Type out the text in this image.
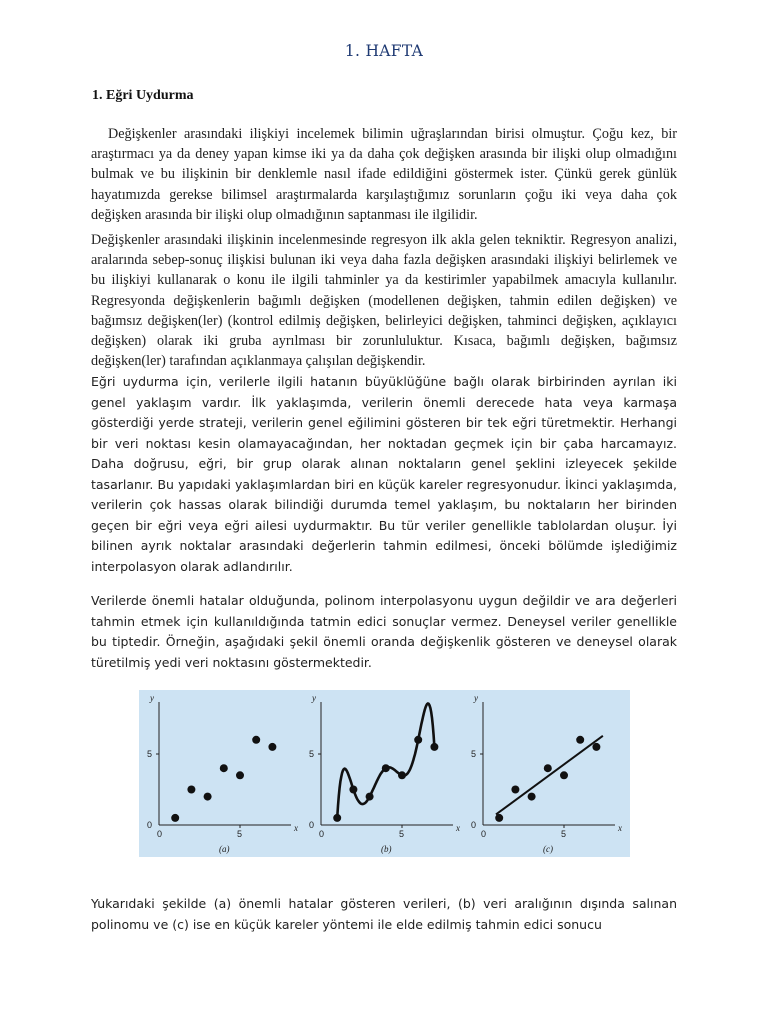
1. HAFTA
1. Eğri Uydurma
Değişkenler arasındaki ilişkiyi incelemek bilimin uğraşlarından birisi olmuştur. Çoğu kez, bir araştırmacı ya da deney yapan kimse iki ya da daha çok değişken arasında bir ilişki olup olmadığını bulmak ve bu ilişkinin bir denklemle nasıl ifade edildiğini göstermek ister. Çünkü gerek günlük hayatımızda gerekse bilimsel araştırmalarda karşılaştığımız sorunların çoğu iki veya daha çok değişken arasında bir ilişki olup olmadığının saptanması ile ilgilidir.
Değişkenler arasındaki ilişkinin incelenmesinde regresyon ilk akla gelen tekniktir. Regresyon analizi, aralarında sebep-sonuç ilişkisi bulunan iki veya daha fazla değişken arasındaki ilişkiyi belirlemek ve bu ilişkiyi kullanarak o konu ile ilgili tahminler ya da kestirimler yapabilmek amacıyla kullanılır. Regresyonda değişkenlerin bağımlı değişken (modellenen değişken, tahmin edilen değişken) ve bağımsız değişken(ler) (kontrol edilmiş değişken, belirleyici değişken, tahminci değişken, açıklayıcı değişken) olarak iki gruba ayrılması bir zorunluluktur. Kısaca, bağımlı değişken, bağımsız değişken(ler) tarafından açıklanmaya çalışılan değişkendir.
Eğri uydurma için, verilerle ilgili hatanın büyüklüğüne bağlı olarak birbirinden ayrılan iki genel yaklaşım vardır. İlk yaklaşımda, verilerin önemli derecede hata veya karmaşa gösterdiği yerde strateji, verilerin genel eğilimini gösteren bir tek eğri türetmektir. Herhangi bir veri noktası kesin olamayacağından, her noktadan geçmek için bir çaba harcamayız. Daha doğrusu, eğri, bir grup olarak alınan noktaların genel şeklini izleyecek şekilde tasarlanır. Bu yapıdaki yaklaşımlardan biri en küçük kareler regresyonudur. İkinci yaklaşımda, verilerin çok hassas olarak bilindiği durumda temel yaklaşım, bu noktaların her birinden geçen bir eğri veya eğri ailesi uydurmaktır. Bu tür veriler genellikle tablolardan oluşur. İyi bilinen ayrık noktalar arasındaki değerlerin tahmin edilmesi, önceki bölümde işlediğimiz interpolasyon olarak adlandırılır.
Verilerde önemli hatalar olduğunda, polinom interpolasyonu uygun değildir ve ara değerleri tahmin etmek için kullanıldığında tatmin edici sonuçlar vermez. Deneysel veriler genellikle bu tiptedir. Örneğin, aşağıdaki şekil önemli oranda değişkenlik gösteren ve deneysel olarak türetilmiş yedi veri noktasını göstermektedir.
y
x
5
0
0	5
(a)
y
x
5
0
0	5
(b)
y
x
5
0
0	5
(c)
Yukarıdaki şekilde (a) önemli hatalar gösteren verileri, (b) veri aralığının dışında salınan polinomu ve (c) ise en küçük kareler yöntemi ile elde edilmiş tahmin edici sonucu
